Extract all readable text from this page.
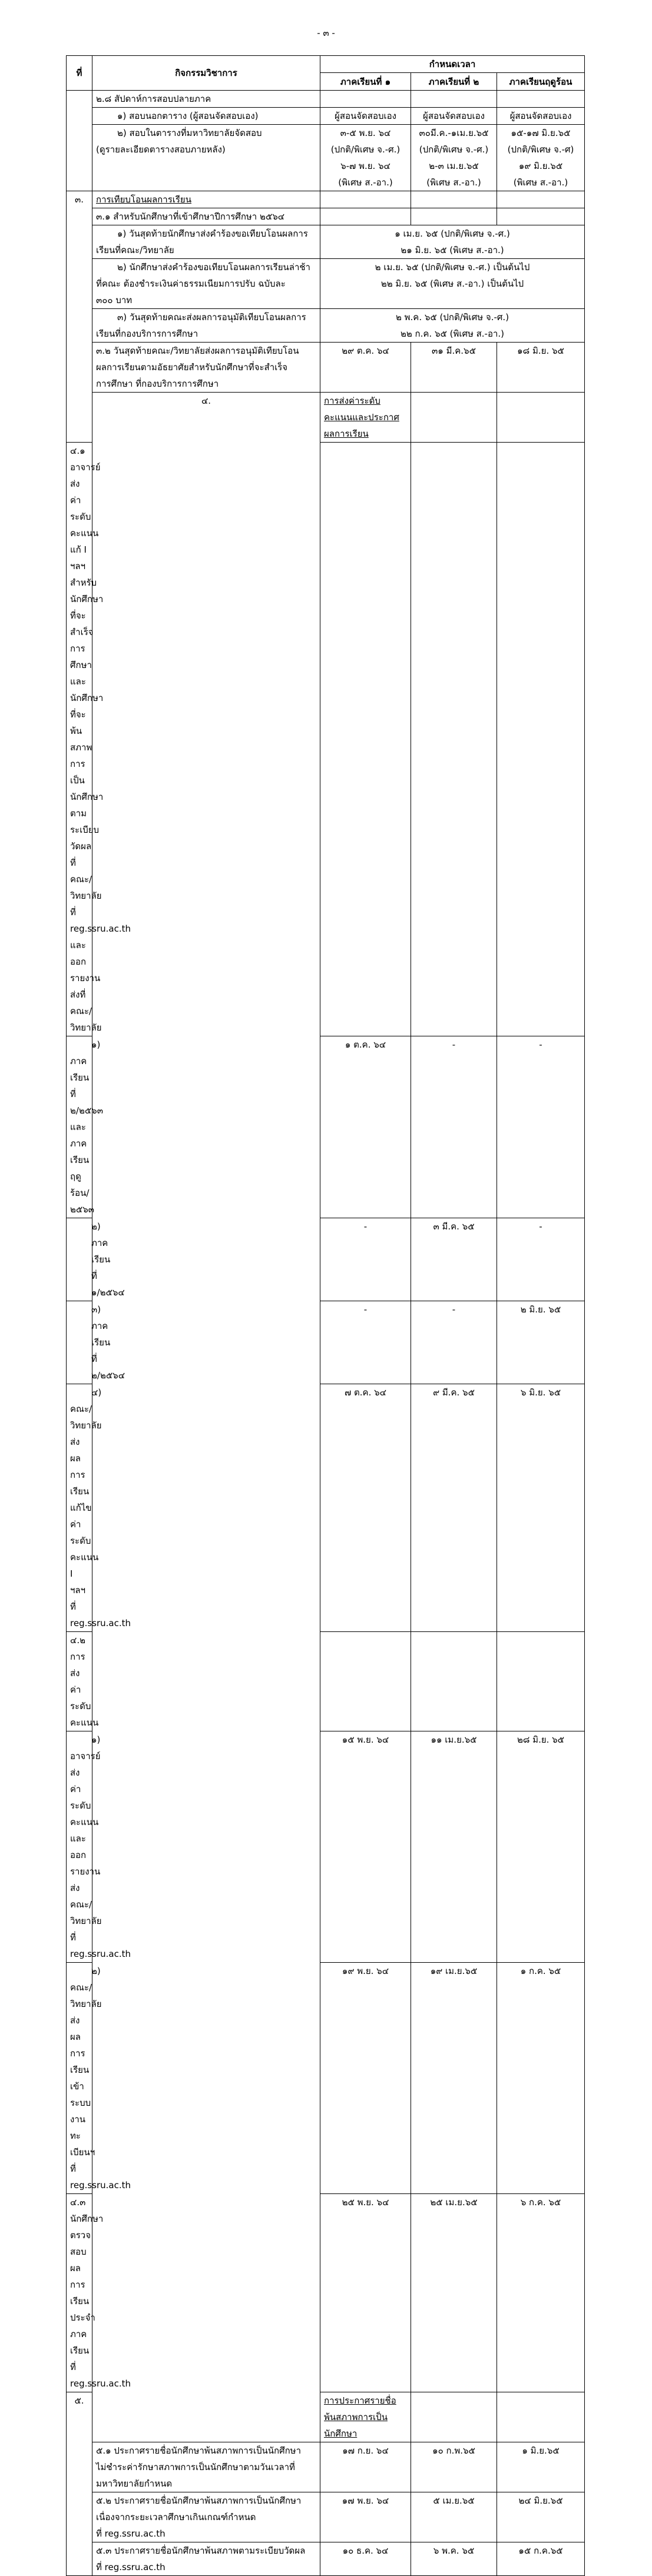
- ๓ -
ที่	กิจกรรมวิชาการ	กำหนดเวลา			
		ภาคเรียนที่ ๑	ภาคเรียนที่ ๒	ภาคเรียนฤดูร้อน	
	๒.๘ สัปดาห์การสอบปลายภาค				
	๑) สอบนอกตาราง (ผู้สอนจัดสอบเอง)	ผู้สอนจัดสอบเอง	ผู้สอนจัดสอบเอง	ผู้สอนจัดสอบเอง	

	๒) สอบในตารางที่มหาวิทยาลัยจัดสอบ
(ดูรายละเอียดตารางสอบภายหลัง)	๓-๕ พ.ย. ๖๔
(ปกติ/พิเศษ จ.-ศ.)
๖-๗ พ.ย. ๖๔
(พิเศษ ส.-อา.)	๓๐มี.ค.-๑เม.ย.๖๕
(ปกติ/พิเศษ จ.-ศ.)
๒-๓ เม.ย.๖๕
(พิเศษ ส.-อา.)	๑๕-๑๗ มิ.ย.๖๕
(ปกติ/พิเศษ จ.-ศ)
๑๙ มิ.ย.๖๕
(พิเศษ ส.-อา.)	

๓.	การเทียบโอนผลการเรียน				
	๓.๑ สำหรับนักศึกษาที่เข้าศึกษาปีการศึกษา ๒๕๖๔				

	๑) วันสุดท้ายนักศึกษาส่งคำร้องขอเทียบโอนผลการ
เรียนที่คณะ/วิทยาลัย	๑ เม.ย. ๖๕ (ปกติ/พิเศษ จ.-ศ.)
๒๑ มิ.ย. ๖๕ (พิเศษ ส.-อา.)			

	๒) นักศึกษาส่งคำร้องขอเทียบโอนผลการเรียนล่าช้า
ที่คณะ ต้องชำระเงินค่าธรรมเนียมการปรับ ฉบับละ
๓๐๐ บาท	๒ เม.ย. ๖๕ (ปกติ/พิเศษ จ.-ศ.) เป็นต้นไป
๒๒ มิ.ย. ๖๕ (พิเศษ ส.-อา.) เป็นต้นไป			

	๓) วันสุดท้ายคณะส่งผลการอนุมัติเทียบโอนผลการ
เรียนที่กองบริการการศึกษา	๒ พ.ค. ๖๕ (ปกติ/พิเศษ จ.-ศ.)
๒๒ ก.ค. ๖๕ (พิเศษ ส.-อา.)			

	๓.๒ วันสุดท้ายคณะ/วิทยาลัยส่งผลการอนุมัติเทียบโอน
ผลการเรียนตามอัธยาศัยสำหรับนักศึกษาที่จะสำเร็จ
การศึกษา ที่กองบริการการศึกษา	๒๙ ต.ค. ๖๔	๓๑ มี.ค.๖๕	๑๘ มิ.ย. ๖๕	
	๔.	การส่งค่าระดับคะแนนและประกาศผลการเรียน			

๔.๑ อาจารย์ส่งค่าระดับคะแนนแก้ I ฯลฯสำหรับ
นักศึกษาที่จะสำเร็จการศึกษาและนักศึกษาที่จะพ้นสภาพ
การเป็นนักศึกษาตามระเบียบวัดผลที่คณะ/วิทยาลัย ที่
reg.ssru.ac.th และออกรายงานส่งที่คณะ/วิทยาลัย					

๑) ภาคเรียนที่ ๒/๒๕๖๓ และภาคเรียนฤดูร้อน/
๒๕๖๓		๑ ต.ค. ๖๔	-	-	
๒) ภาคเรียนที่ ๑/๒๕๖๔		-	๓ มี.ค. ๖๕	-	
๓) ภาคเรียนที่ ๒/๒๕๖๔		-	-	๒ มิ.ย. ๖๕	

๔) คณะ/วิทยาลัยส่งผลการเรียนแก้ไขค่าระดับ
คะแนน I ฯลฯ ที่ reg.ssru.ac.th		๗ ต.ค. ๖๔	๙ มี.ค. ๖๕	๖ มิ.ย. ๖๕	
๔.๒ การส่งค่าระดับคะแนน					

๑) อาจารย์ส่งค่าระดับคะแนน และออกรายงานส่ง
คณะ/วิทยาลัยที่ reg.ssru.ac.th		๑๕ พ.ย. ๖๔	๑๑ เม.ย.๖๕	๒๘ มิ.ย. ๖๕	

๒) คณะ/วิทยาลัยส่งผลการเรียนเข้าระบบงาน
ทะเบียนฯ ที่ reg.ssru.ac.th		๑๙ พ.ย. ๖๔	๑๙ เม.ย.๖๕	๑ ก.ค. ๖๕	

๔.๓ นักศึกษาตรวจสอบผลการเรียนประจำภาคเรียน
ที่ reg.ssru.ac.th		๒๕ พ.ย. ๖๔	๒๕ เม.ย.๖๕	๖ ก.ค. ๖๕	
๕.		การประกาศรายชื่อพ้นสภาพการเป็นนักศึกษา			

	๕.๑ ประกาศรายชื่อนักศึกษาพ้นสภาพการเป็นนักศึกษา
ไม่ชำระค่ารักษาสภาพการเป็นนักศึกษาตามวันเวลาที่
มหาวิทยาลัยกำหนด	๑๗ ก.ย. ๖๔	๑๐ ก.พ.๖๕	๑ มิ.ย.๖๕	

	๕.๒ ประกาศรายชื่อนักศึกษาพ้นสภาพการเป็นนักศึกษา
เนื่องจากระยะเวลาศึกษาเกินเกณฑ์กำหนด
ที่ reg.ssru.ac.th	๑๗ พ.ย. ๖๔	๕ เม.ย.๖๕	๒๔ มิ.ย.๖๕	

	๕.๓ ประกาศรายชื่อนักศึกษาพ้นสภาพตามระเบียบวัดผล
ที่ reg.ssru.ac.th	๑๐ ธ.ค. ๖๔	๖ พ.ค. ๖๕	๑๕ ก.ค.๖๕	
